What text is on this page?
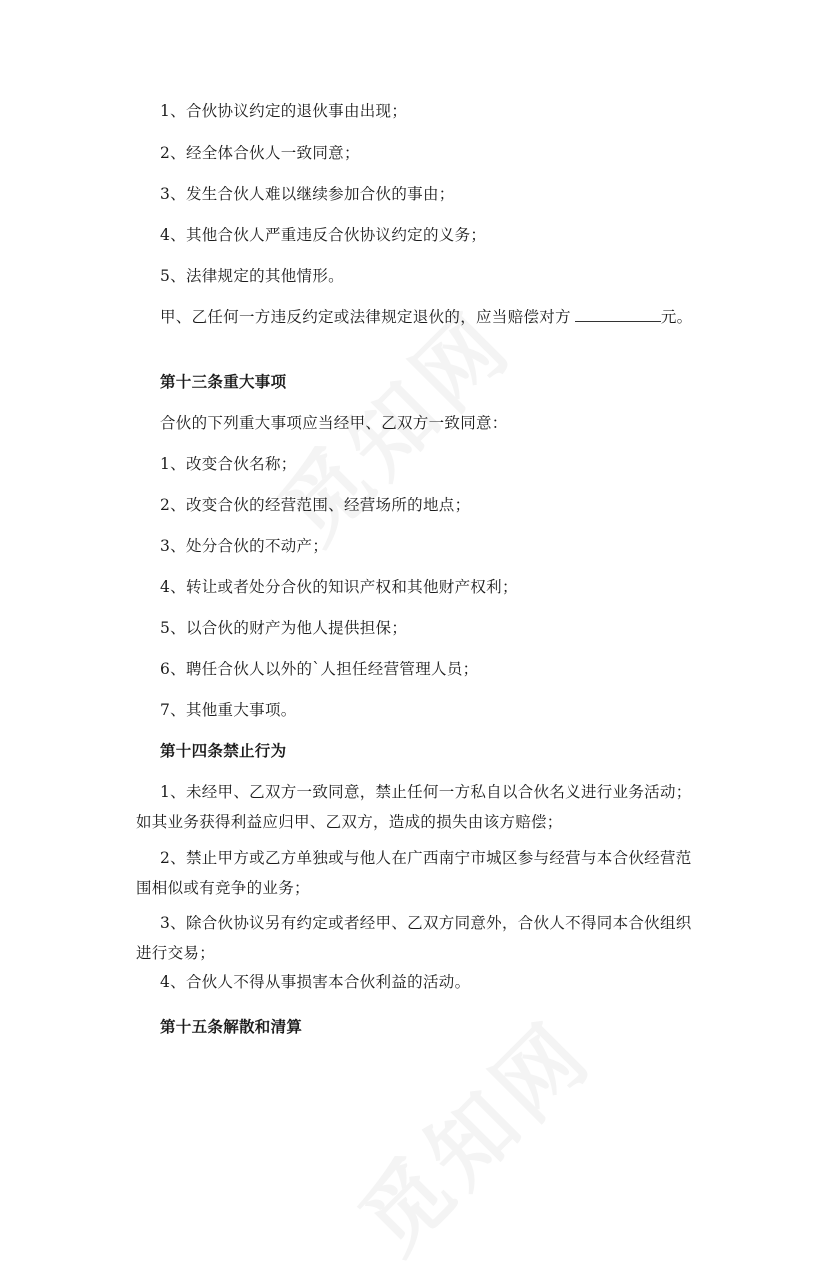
1、合伙协议约定的退伙事由出现；

2、经全体合伙人一致同意；

3、发生合伙人难以继续参加合伙的事由；

4、其他合伙人严重违反合伙协议约定的义务；

5、法律规定的其他情形。

甲、乙任何一方违反约定或法律规定退伙的，应当赔偿对方	元。

第十三条重大事项

合伙的下列重大事项应当经甲、乙双方一致同意：

1、改变合伙名称；

2、改变合伙的经营范围、经营场所的地点；

3、处分合伙的不动产；

4、转让或者处分合伙的知识产权和其他财产权利；

5、以合伙的财产为他人提供担保；

6、聘任合伙人以外的`人担任经营管理人员；

7、其他重大事项。

第十四条禁止行为

1、未经甲、乙双方一致同意，禁止任何一方私自以合伙名义进行业务活动；如其业务获得利益应归甲、乙双方，造成的损失由该方赔偿；

2、禁止甲方或乙方单独或与他人在广西南宁市城区参与经营与本合伙经营范围相似或有竞争的业务；

3、除合伙协议另有约定或者经甲、乙双方同意外，合伙人不得同本合伙组织进行交易；

4、合伙人不得从事损害本合伙利益的活动。

第十五条解散和清算
